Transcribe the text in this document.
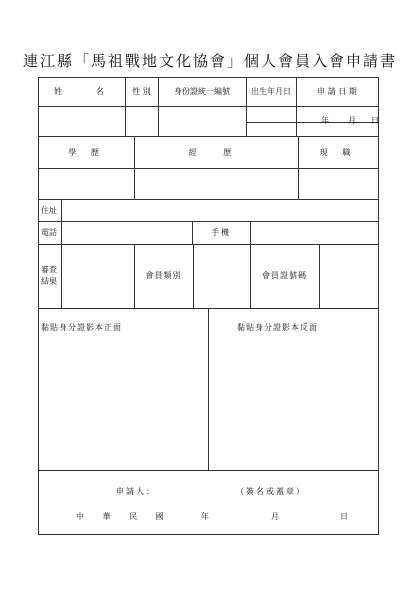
連江縣「馬祖戰地文化協會」個人會員入會申請書
姓　　名	性 別	身份證統一編號	出生年月日	申 請 日 期
年 月 日
學 歷	經 歷	現 職
住址
電話	手機
審查
結果
會員類別	會員證號碼
黏貼身分證影本正面	黏貼身分證影本反面
申請人：	（簽名或蓋章）
中 華 民 國	年	月	日
